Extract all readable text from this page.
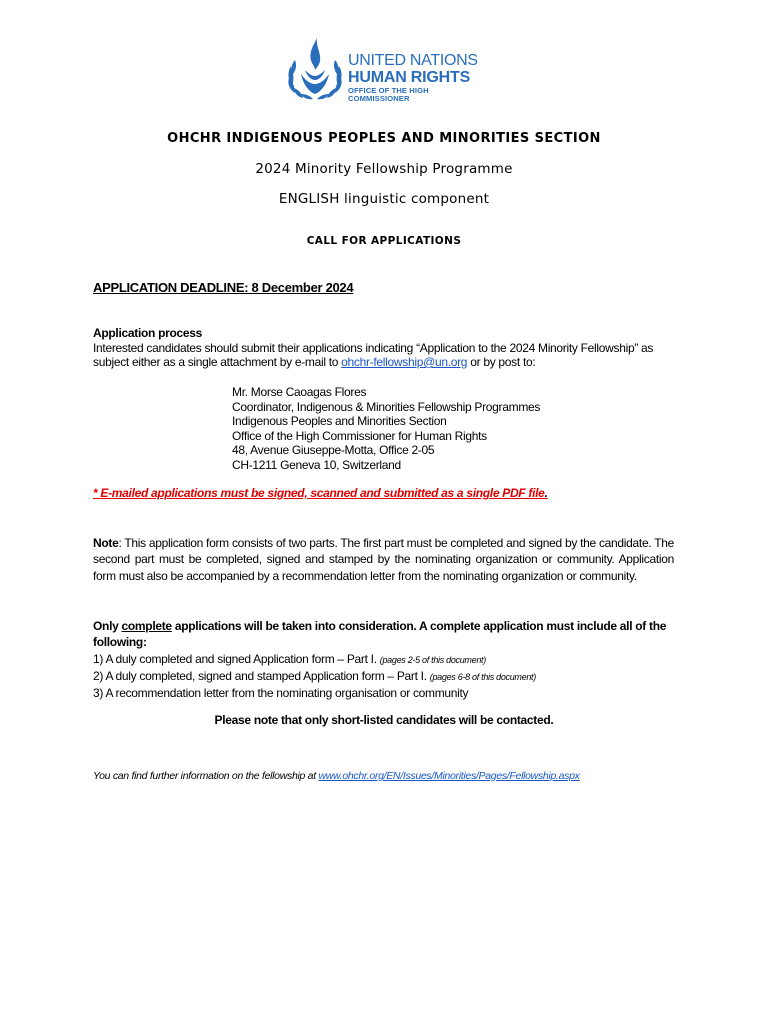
UNITED NATIONS
HUMAN RIGHTS
OFFICE OF THE HIGH COMMISSIONER
OHCHR INDIGENOUS PEOPLES AND MINORITIES SECTION
2024 Minority Fellowship Programme
ENGLISH linguistic component
CALL FOR APPLICATIONS
APPLICATION DEADLINE: 8 December 2024
Application process
Interested candidates should submit their applications indicating “Application to the 2024 Minority Fellowship” as subject either as a single attachment by e-mail to ohchr-fellowship@un.org or by post to:
Mr. Morse Caoagas Flores
Coordinator, Indigenous & Minorities Fellowship Programmes
Indigenous Peoples and Minorities Section
Office of the High Commissioner for Human Rights
48, Avenue Giuseppe-Motta, Office 2-05
CH-1211 Geneva 10, Switzerland
* E-mailed applications must be signed, scanned and submitted as a single PDF file.
Note: This application form consists of two parts. The first part must be completed and signed by the candidate. The second part must be completed, signed and stamped by the nominating organization or community. Application form must also be accompanied by a recommendation letter from the nominating organization or community.
Only complete applications will be taken into consideration. A complete application must include all of the following:
1) A duly completed and signed Application form – Part I. (pages 2-5 of this document)
2) A duly completed, signed and stamped Application form – Part I. (pages 6-8 of this document)
3) A recommendation letter from the nominating organisation or community
Please note that only short-listed candidates will be contacted.
You can find further information on the fellowship at www.ohchr.org/EN/Issues/Minorities/Pages/Fellowship.aspx
